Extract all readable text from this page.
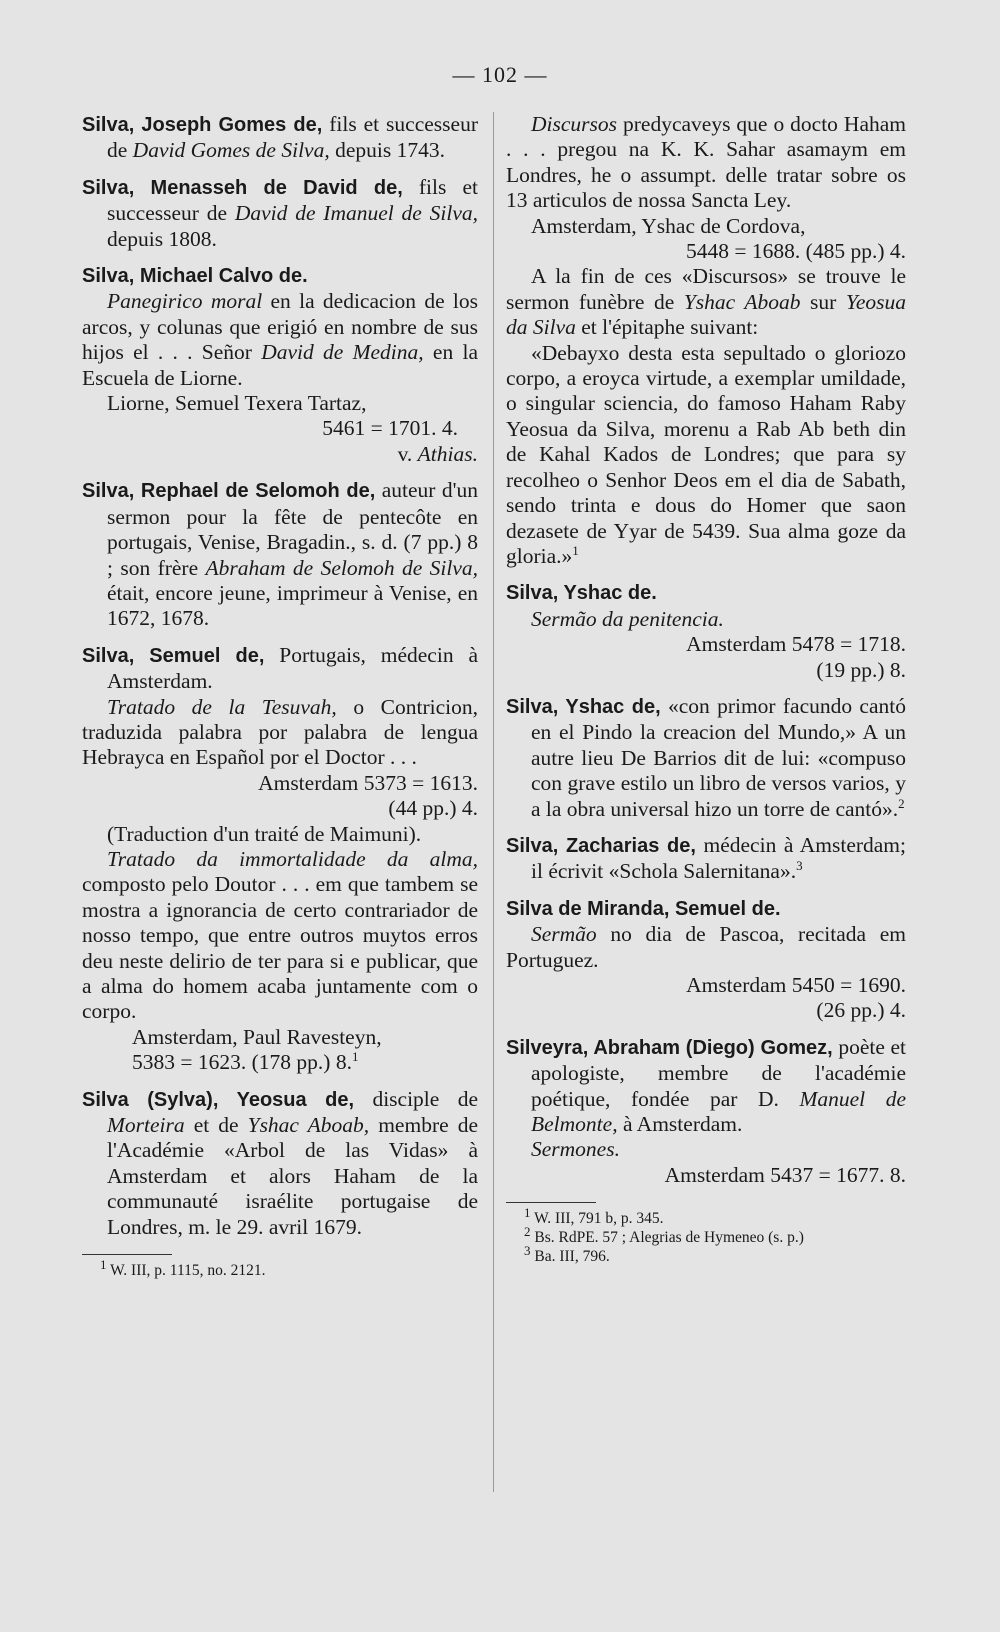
— 102 —

Silva, Joseph Gomes de, fils et successeur de David Gomes de Silva, depuis 1743.

Silva, Menasseh de David de, fils et successeur de David de Imanuel de Silva, depuis 1808.

Silva, Michael Calvo de.

Panegirico moral en la dedicacion de los arcos, y colunas que erigió en nombre de sus hijos el . . . Señor David de Medina, en la Escuela de Liorne.

Liorne, Semuel Texera Tartaz,

5461 = 1701. 4.

v. Athias.

Silva, Rephael de Selomoh de, auteur d'un sermon pour la fête de pentecôte en portugais, Venise, Bragadin., s. d. (7 pp.) 8 ; son frère Abraham de Selomoh de Silva, était, encore jeune, imprimeur à Venise, en 1672, 1678.

Silva, Semuel de, Portugais, médecin à Amsterdam.

Tratado de la Tesuvah, o Contricion, traduzida palabra por palabra de lengua Hebrayca en Español por el Doctor . . .

Amsterdam 5373 = 1613.

(44 pp.) 4.

(Traduction d'un traité de Maimuni).

Tratado da immortalidade da alma, composto pelo Doutor . . . em que tambem se mostra a ignorancia de certo contrariador de nosso tempo, que entre outros muytos erros deu neste delirio de ter para si e publicar, que a alma do homem acaba juntamente com o corpo.

Amsterdam, Paul Ravesteyn,

5383 = 1623. (178 pp.) 8.$^1$

Silva (Sylva), Yeosua de, disciple de Morteira et de Yshac Aboab, membre de l'Académie «Arbol de las Vidas» à Amsterdam et alors Haham de la communauté israélite portugaise de Londres, m. le 29. avril 1679.

$^1$ W. III, p. 1115, no. 2121.

Discursos predycaveys que o docto Haham . . . pregou na K. K. Sahar asamaym em Londres, he o assumpt. delle tratar sobre os 13 articulos de nossa Sancta Ley.

Amsterdam, Yshac de Cordova,

5448 = 1688. (485 pp.) 4.

A la fin de ces «Discursos» se trouve le sermon funèbre de Yshac Aboab sur Yeosua da Silva et l'épitaphe suivant:

«Debayxo desta esta sepultado o gloriozo corpo, a eroyca virtude, a exemplar umildade, o singular sciencia, do famoso Haham Raby Yeosua da Silva, morenu a Rab Ab beth din de Kahal Kados de Londres; que para sy recolheo o Senhor Deos em el dia de Sabath, sendo trinta e dous do Homer que saon dezasete de Yyar de 5439. Sua alma goze da gloria.»$^1$

Silva, Yshac de.

Sermão da penitencia.

Amsterdam 5478 = 1718.

(19 pp.) 8.

Silva, Yshac de, «con primor facundo cantó en el Pindo la creacion del Mundo,» A un autre lieu De Barrios dit de lui: «compuso con grave estilo un libro de versos varios, y a la obra universal hizo un torre de cantó».$^2$

Silva, Zacharias de, médecin à Amsterdam; il écrivit «Schola Salernitana».$^3$

Silva de Miranda, Semuel de.

Sermão no dia de Pascoa, recitada em Portuguez.

Amsterdam 5450 = 1690.

(26 pp.) 4.

Silveyra, Abraham (Diego) Gomez, poète et apologiste, membre de l'académie poétique, fondée par D. Manuel de Belmonte, à Amsterdam.

Sermones.

Amsterdam 5437 = 1677. 8.

$^1$ W. III, 791 b, p. 345.

$^2$ Bs. RdPE. 57 ; Alegrias de Hymeneo (s. p.)

$^3$ Ba. III, 796.
